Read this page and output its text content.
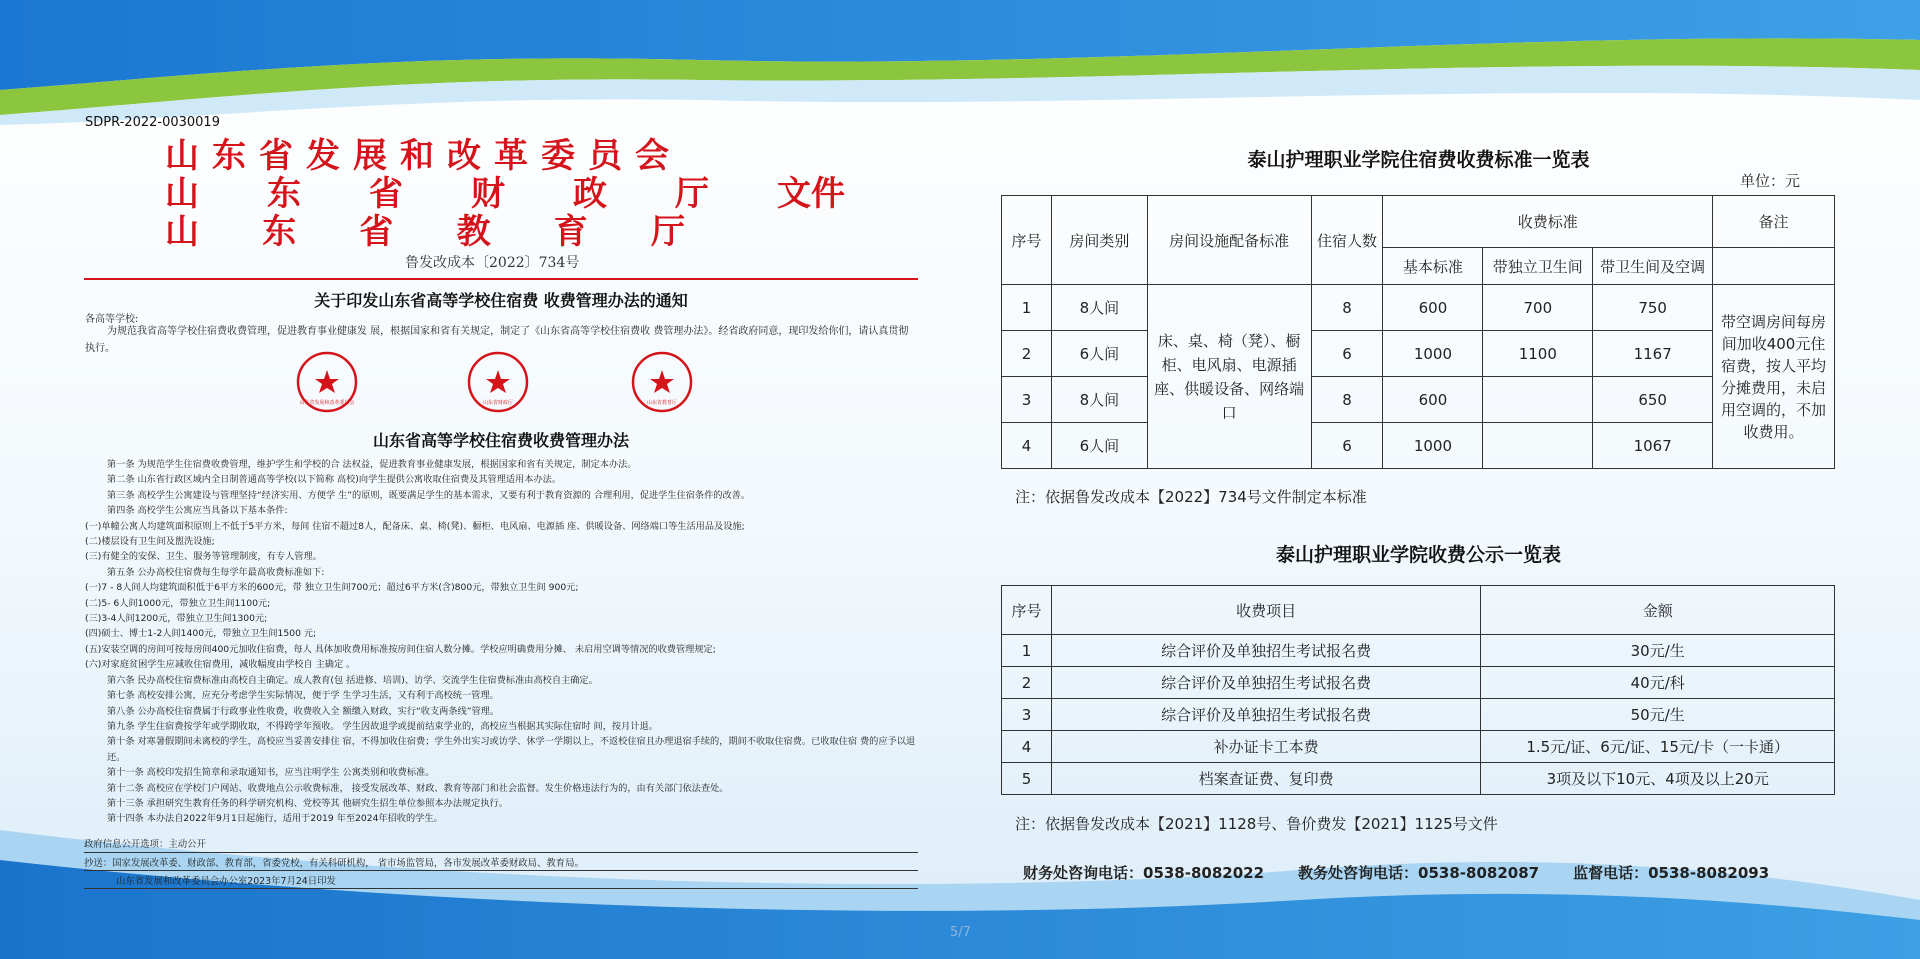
SDPR-2022-0030019
山东省发展和改革委员会
山 东 省 财 政 厅 文件
山 东 省 教 育 厅
鲁发改成本〔2022〕734号
关于印发山东省高等学校住宿费 收费管理办法的通知
各高等学校:
为规范我省高等学校住宿费收费管理，促进教育事业健康发 展，根据国家和省有关规定，制定了《山东省高等学校住宿费收 费管理办法》。经省政府同意，现印发给你们，请认真贯彻执行。
山东省发展和改革委员会	山东省财政厅	山东省教育厅
山东省高等学校住宿费收费管理办法
第一条 为规范学生住宿费收费管理，维护学生和学校的合 法权益，促进教育事业健康发展，根据国家和省有关规定，制定本办法。
第二条 山东省行政区域内全日制普通高等学校(以下简称 高校)向学生提供公寓收取住宿费及其管理适用本办法。
第三条 高校学生公寓建设与管理坚持“经济实用、方便学 生”的原则，既要满足学生的基本需求，又要有利于教育资源的 合理利用，促进学生住宿条件的改善。
第四条 高校学生公寓应当具备以下基本条件:
(一)单幢公寓人均建筑面积原则上不低于5平方米，每间 住宿不超过8人，配备床、桌、椅(凳)、橱柜、电风扇、电源插 座、供暖设备、网络端口等生活用品及设施;
(二)楼层设有卫生间及盥洗设施;
(三)有健全的安保、卫生、服务等管理制度，有专人管理。
第五条 公办高校住宿费每生每学年最高收费标准如下:
(一)7 - 8人间人均建筑面积低于6平方米的600元，带 独立卫生间700元；超过6平方米(含)800元，带独立卫生间 900元;
(二)5- 6人间1000元，带独立卫生间1100元;
(三)3-4人间1200元，带独立卫生间1300元;
(四)硕士、博士1-2人间1400元，带独立卫生间1500 元;
(五)安装空调的房间可按每房间400元加收住宿费，每人 具体加收费用标准按房间住宿人数分摊。学校应明确费用分摊、 未启用空调等情况的收费管理规定;
(六)对家庭贫困学生应减收住宿费用，减收幅度由学校自 主确定 。
第六条 民办高校住宿费标准由高校自主确定。成人教育(包 括进修、培训)、访学、交流学生住宿费标准由高校自主确定。
第七条 高校安排公寓，应充分考虑学生实际情况，便于学 生学习生活，又有利于高校统一管理。
第八条 公办高校住宿费属于行政事业性收费，收费收入全 额缴入财政，实行“收支两条线”管理。
第九条 学生住宿费按学年或学期收取，不得跨学年预收。 学生因故退学或提前结束学业的，高校应当根据其实际住宿时 间，按月计退。
第十条 对寒暑假期间未离校的学生，高校应当妥善安排住 宿，不得加收住宿费；学生外出实习或访学、休学一学期以上，不返校住宿且办理退宿手续的，期间不收取住宿费。已收取住宿 费的应予以退还。
第十一条 高校印发招生简章和录取通知书，应当注明学生 公寓类别和收费标准。
第十二条 高校应在学校门户网站、收费地点公示收费标准， 接受发展改革、财政、教育等部门和社会监督。发生价格违法行为的，由有关部门依法查处。
第十三条 承担研究生教育任务的科学研究机构、党校等其 他研究生招生单位参照本办法规定执行。
第十四条 本办法自2022年9月1日起施行，适用于2019 年至2024年招收的学生。
政府信息公开选项：主动公开
抄送：国家发展改革委、财政部、教育部，省委党校，有关科研机构， 省市场监管局，各市发展改革委财政局、教育局。
山东省发展和改革委员会办公室2023年7月24日印发
泰山护理职业学院住宿费收费标准一览表
单位：元
序号	房间类别	房间设施配备标准	住宿人数	收费标准			备注
				基本标准	带独立卫生间	带卫生间及空调	
1	8人间	床、桌、椅（凳）、橱柜、电风扇、电源插座、供暖设备、网络端口	8	600	700	750	带空调房间每房间加收400元住宿费，按人平均分摊费用，未启用空调的，不加收费用。
2	6人间		6	1000	1100	1167	
3	8人间		8	600		650	
4	6人间		6	1000		1067	
注：依据鲁发改成本【2022】734号文件制定本标准
泰山护理职业学院收费公示一览表
序号	收费项目	金额
1	综合评价及单独招生考试报名费	30元/生
2	综合评价及单独招生考试报名费	40元/科
3	综合评价及单独招生考试报名费	50元/生
4	补办证卡工本费	1.5元/证、6元/证、15元/卡（一卡通）
5	档案查证费、复印费	3项及以下10元、4项及以上20元
注：依据鲁发改成本【2021】1128号、鲁价费发【2021】1125号文件
财务处咨询电话：0538-8082022 教务处咨询电话：0538-8082087 监督电话：0538-8082093
5/7
